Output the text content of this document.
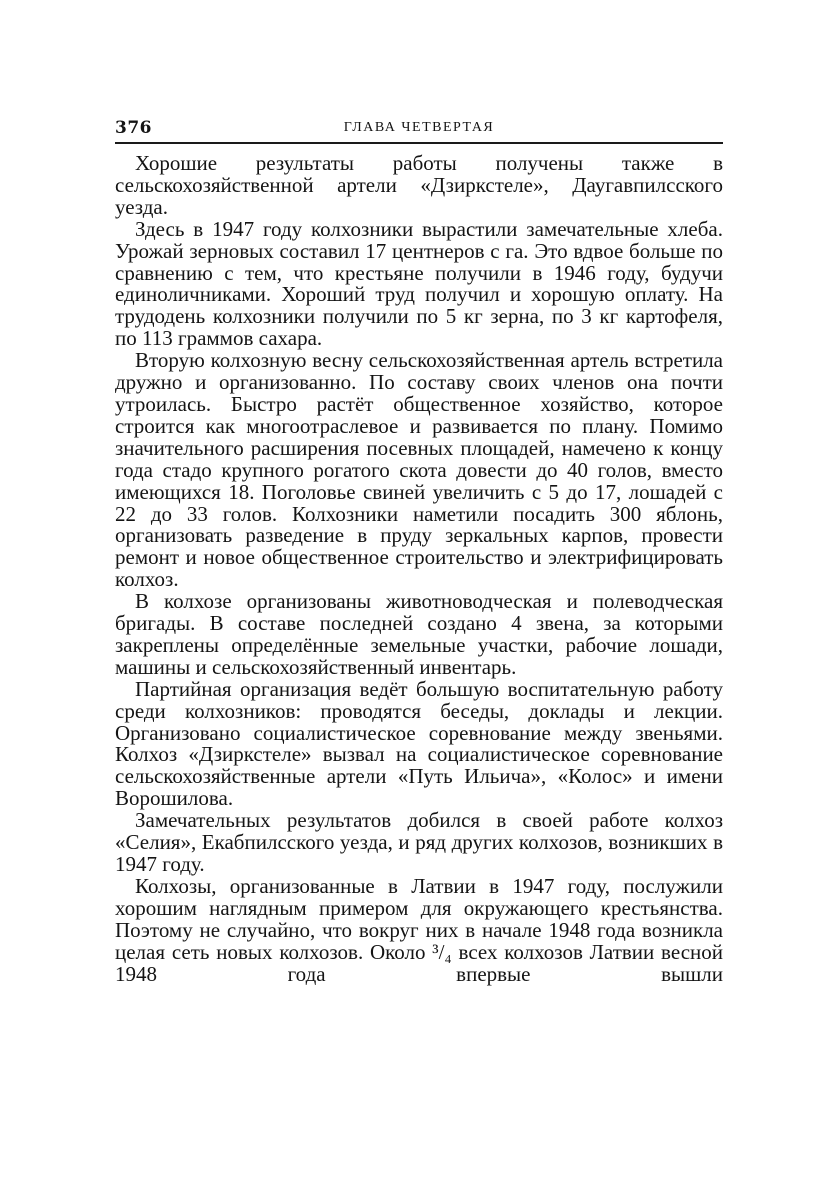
376	ГЛАВА ЧЕТВЕРТАЯ

Хорошие результаты работы получены также в сельскохозяйственной артели «Дзиркстеле», Даугавпилсского уезда.

Здесь в 1947 году колхозники вырастили замечательные хлеба. Урожай зерновых составил 17 центнеров с га. Это вдвое больше по сравнению с тем, что крестьяне получили в 1946 году, будучи единоличниками. Хороший труд получил и хорошую оплату. На трудодень колхозники получили по 5 кг зерна, по 3 кг картофеля, по 113 граммов сахара.

Вторую колхозную весну сельскохозяйственная артель встретила дружно и организованно. По составу своих членов она почти утроилась. Быстро растёт общественное хозяйство, которое строится как многоотраслевое и развивается по плану. Помимо значительного расширения посевных площадей, намечено к концу года стадо крупного рогатого скота довести до 40 голов, вместо имеющихся 18. Поголовье свиней увеличить с 5 до 17, лошадей с 22 до 33 голов. Колхозники наметили посадить 300 яблонь, организовать разведение в пруду зеркальных карпов, провести ремонт и новое общественное строительство и электрифицировать колхоз.

В колхозе организованы животноводческая и полеводческая бригады. В составе последней создано 4 звена, за которыми закреплены определённые земельные участки, рабочие лошади, машины и сельскохозяйственный инвентарь.

Партийная организация ведёт большую воспитательную работу среди колхозников: проводятся беседы, доклады и лекции. Организовано социалистическое соревнование между звеньями. Колхоз «Дзиркстеле» вызвал на социалистическое соревнование сельскохозяйственные артели «Путь Ильича», «Колос» и имени Ворошилова.

Замечательных результатов добился в своей работе колхоз «Селия», Екабпилсского уезда, и ряд других колхозов, возникших в 1947 году.

Колхозы, организованные в Латвии в 1947 году, послужили хорошим наглядным примером для окружающего крестьянства. Поэтому не случайно, что вокруг них в начале 1948 года возникла целая сеть новых колхозов. Около ³/₄ всех колхозов Латвии весной 1948 года впервые вышли
